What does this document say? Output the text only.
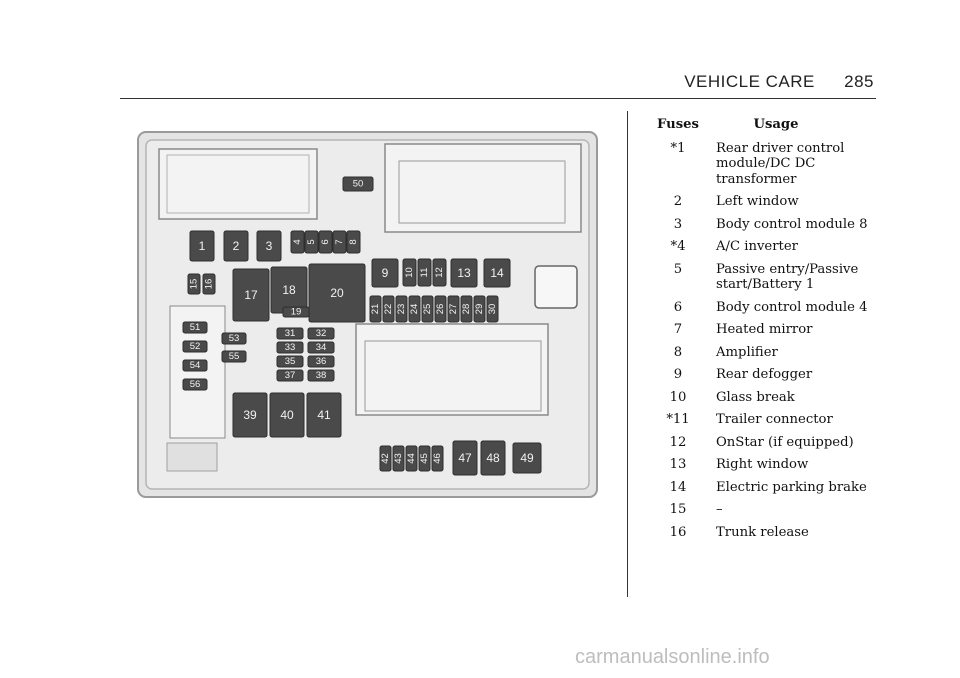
VEHICLE CARE 285
1 2 3 4 5 6 7 8
9 10 11 12 13 14
15 16
17 18
19
20
21 22 23 24 25 26 27 28 29 30
31 32
33 34
35 36
37 38
39 40 41
42 43 44 45 46 47 48 49
50
51
52
53
54
55
56
Fuses	Usage
*1	Rear driver control module/DC DC transformer
2	Left window
3	Body control module 8
*4	A/C inverter
5	Passive entry/Passive start/Battery 1
6	Body control module 4
7	Heated mirror
8	Amplifier
9	Rear defogger
10	Glass break
*11	Trailer connector
12	OnStar (if equipped)
13	Right window
14	Electric parking brake
15	–
16	Trunk release
carmanualsonline.info
